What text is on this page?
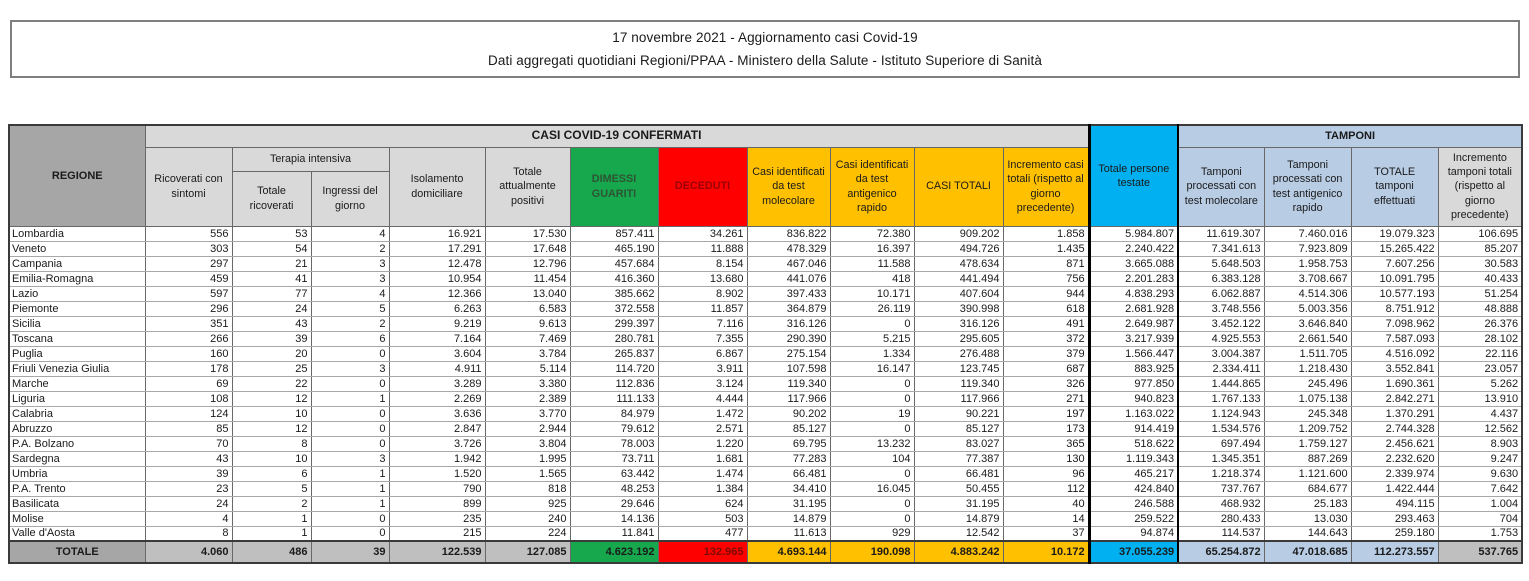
17 novembre 2021 - Aggiornamento casi Covid-19
Dati aggregati quotidiani Regioni/PPAA - Ministero della Salute - Istituto Superiore di Sanità
REGIONE	CASI COVID-19 CONFERMATI											Totale persone testate	TAMPONI			
	Ricoverati con sintomi	Terapia intensiva		Isolamento domiciliare	Totale attualmente positivi	DIMESSI GUARITI	DECEDUTI	Casi identificati da test molecolare	Casi identificati da test antigenico rapido	CASI TOTALI	Incremento casi totali (rispetto al giorno precedente)		Tamponi processati con test molecolare	Tamponi processati con test antigenico rapido	TOTALE tamponi effettuati	Incremento tamponi totali (rispetto al giorno precedente)
		Totale ricoverati	Ingressi del giorno													
Lombardia	556	53	4	16.921	17.530	857.411	34.261	836.822	72.380	909.202	1.858	5.984.807	11.619.307	7.460.016	19.079.323	106.695
Veneto	303	54	2	17.291	17.648	465.190	11.888	478.329	16.397	494.726	1.435	2.240.422	7.341.613	7.923.809	15.265.422	85.207
Campania	297	21	3	12.478	12.796	457.684	8.154	467.046	11.588	478.634	871	3.665.088	5.648.503	1.958.753	7.607.256	30.583
Emilia-Romagna	459	41	3	10.954	11.454	416.360	13.680	441.076	418	441.494	756	2.201.283	6.383.128	3.708.667	10.091.795	40.433
Lazio	597	77	4	12.366	13.040	385.662	8.902	397.433	10.171	407.604	944	4.838.293	6.062.887	4.514.306	10.577.193	51.254
Piemonte	296	24	5	6.263	6.583	372.558	11.857	364.879	26.119	390.998	618	2.681.928	3.748.556	5.003.356	8.751.912	48.888
Sicilia	351	43	2	9.219	9.613	299.397	7.116	316.126	0	316.126	491	2.649.987	3.452.122	3.646.840	7.098.962	26.376
Toscana	266	39	6	7.164	7.469	280.781	7.355	290.390	5.215	295.605	372	3.217.939	4.925.553	2.661.540	7.587.093	28.102
Puglia	160	20	0	3.604	3.784	265.837	6.867	275.154	1.334	276.488	379	1.566.447	3.004.387	1.511.705	4.516.092	22.116
Friuli Venezia Giulia	178	25	3	4.911	5.114	114.720	3.911	107.598	16.147	123.745	687	883.925	2.334.411	1.218.430	3.552.841	23.057
Marche	69	22	0	3.289	3.380	112.836	3.124	119.340	0	119.340	326	977.850	1.444.865	245.496	1.690.361	5.262
Liguria	108	12	1	2.269	2.389	111.133	4.444	117.966	0	117.966	271	940.823	1.767.133	1.075.138	2.842.271	13.910
Calabria	124	10	0	3.636	3.770	84.979	1.472	90.202	19	90.221	197	1.163.022	1.124.943	245.348	1.370.291	4.437
Abruzzo	85	12	0	2.847	2.944	79.612	2.571	85.127	0	85.127	173	914.419	1.534.576	1.209.752	2.744.328	12.562
P.A. Bolzano	70	8	0	3.726	3.804	78.003	1.220	69.795	13.232	83.027	365	518.622	697.494	1.759.127	2.456.621	8.903
Sardegna	43	10	3	1.942	1.995	73.711	1.681	77.283	104	77.387	130	1.119.343	1.345.351	887.269	2.232.620	9.247
Umbria	39	6	1	1.520	1.565	63.442	1.474	66.481	0	66.481	96	465.217	1.218.374	1.121.600	2.339.974	9.630
P.A. Trento	23	5	1	790	818	48.253	1.384	34.410	16.045	50.455	112	424.840	737.767	684.677	1.422.444	7.642
Basilicata	24	2	1	899	925	29.646	624	31.195	0	31.195	40	246.588	468.932	25.183	494.115	1.004
Molise	4	1	0	235	240	14.136	503	14.879	0	14.879	14	259.522	280.433	13.030	293.463	704
Valle d'Aosta	8	1	0	215	224	11.841	477	11.613	929	12.542	37	94.874	114.537	144.643	259.180	1.753
TOTALE	4.060	486	39	122.539	127.085	4.623.192	132.965	4.693.144	190.098	4.883.242	10.172	37.055.239	65.254.872	47.018.685	112.273.557	537.765
